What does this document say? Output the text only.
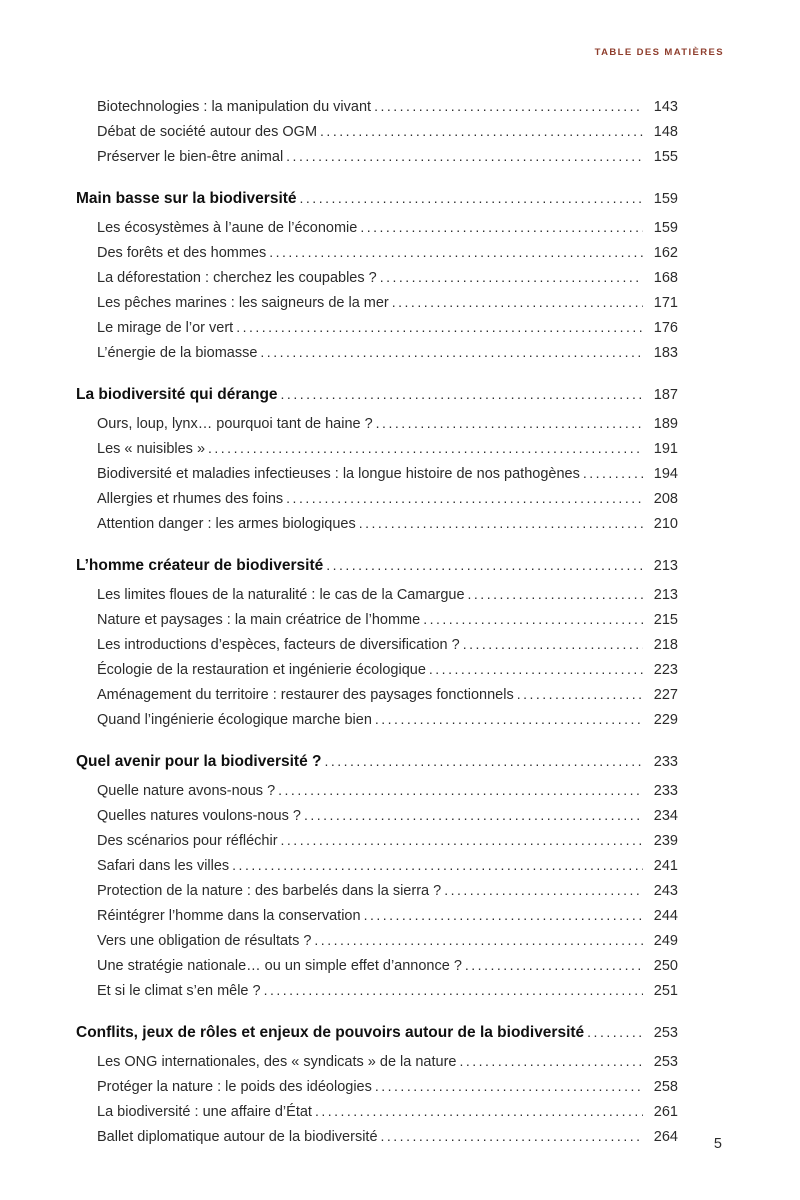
TABLE DES MATIÈRES
Biotechnologies : la manipulation du vivant .....	143
Débat de société autour des OGM .....	148
Préserver le bien-être animal .....	155
Main basse sur la biodiversité .....	159
Les écosystèmes à l’aune de l’économie .....	159
Des forêts et des hommes .....	162
La déforestation : cherchez les coupables ? .....	168
Les pêches marines : les saigneurs de la mer .....	171
Le mirage de l’or vert .....	176
L’énergie de la biomasse .....	183
La biodiversité qui dérange .....	187
Ours, loup, lynx… pourquoi tant de haine ? .....	189
Les « nuisibles » .....	191
Biodiversité et maladies infectieuses : la longue histoire de nos pathogènes .....	194
Allergies et rhumes des foins .....	208
Attention danger : les armes biologiques .....	210
L’homme créateur de biodiversité .....	213
Les limites floues de la naturalité : le cas de la Camargue .....	213
Nature et paysages : la main créatrice de l’homme .....	215
Les introductions d’espèces, facteurs de diversification ? .....	218
Écologie de la restauration et ingénierie écologique .....	223
Aménagement du territoire : restaurer des paysages fonctionnels .....	227
Quand l’ingénierie écologique marche bien .....	229
Quel avenir pour la biodiversité ? .....	233
Quelle nature avons-nous ? .....	233
Quelles natures voulons-nous ? .....	234
Des scénarios pour réfléchir .....	239
Safari dans les villes .....	241
Protection de la nature : des barbelés dans la sierra ? .....	243
Réintégrer l’homme dans la conservation .....	244
Vers une obligation de résultats ? .....	249
Une stratégie nationale… ou un simple effet d’annonce ? .....	250
Et si le climat s’en mêle ? .....	251
Conflits, jeux de rôles et enjeux de pouvoirs autour de la biodiversité .....	253
Les ONG internationales, des « syndicats » de la nature .....	253
Protéger la nature : le poids des idéologies .....	258
La biodiversité : une affaire d’État .....	261
Ballet diplomatique autour de la biodiversité .....	264 5
